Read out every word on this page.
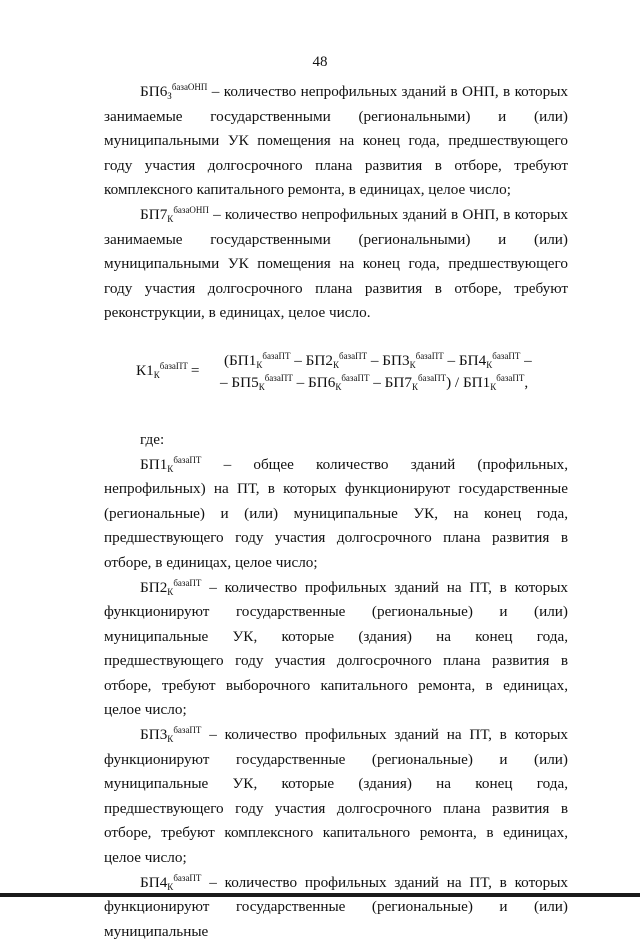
48

$БП6_З^{базаОНП}$ – количество непрофильных зданий в ОНП, в которых занимаемые государственными (региональными) и (или) муниципальными УК помещения на конец года, предшествующего году участия долгосрочного плана развития в отборе, требуют комплексного капитального ремонта, в единицах, целое число;

$БП7_К^{базаОНП}$ – количество непрофильных зданий в ОНП, в которых занимаемые государственными (региональными) и (или) муниципальными УК помещения на конец года, предшествующего году участия долгосрочного плана развития в отборе, требуют реконструкции, в единицах, целое число.

$К1_К^{базаПТ}$ =
($БП1_К^{базаПТ} - БП2_К^{базаПТ} - БП3_К^{базаПТ} - БП4_К^{базаПТ}$ –
– $БП5_К^{базаПТ} - БП6_К^{базаПТ} - БП7_К^{базаПТ}) / БП1_К^{базаПТ}$,

где:

$БП1_К^{базаПТ}$ – общее количество зданий (профильных, непрофильных) на ПТ, в которых функционируют государственные (региональные) и (или) муниципальные УК, на конец года, предшествующего году участия долгосрочного плана развития в отборе, в единицах, целое число;

$БП2_К^{базаПТ}$ – количество профильных зданий на ПТ, в которых функционируют государственные (региональные) и (или) муниципальные УК, которые (здания) на конец года, предшествующего году участия долгосрочного плана развития в отборе, требуют выборочного капитального ремонта, в единицах, целое число;

$БП3_К^{базаПТ}$ – количество профильных зданий на ПТ, в которых функционируют государственные (региональные) и (или) муниципальные УК, которые (здания) на конец года, предшествующего году участия долгосрочного плана развития в отборе, требуют комплексного капитального ремонта, в единицах, целое число;

$БП4_К^{базаПТ}$ – количество профильных зданий на ПТ, в которых функционируют государственные (региональные) и (или) муниципальные
